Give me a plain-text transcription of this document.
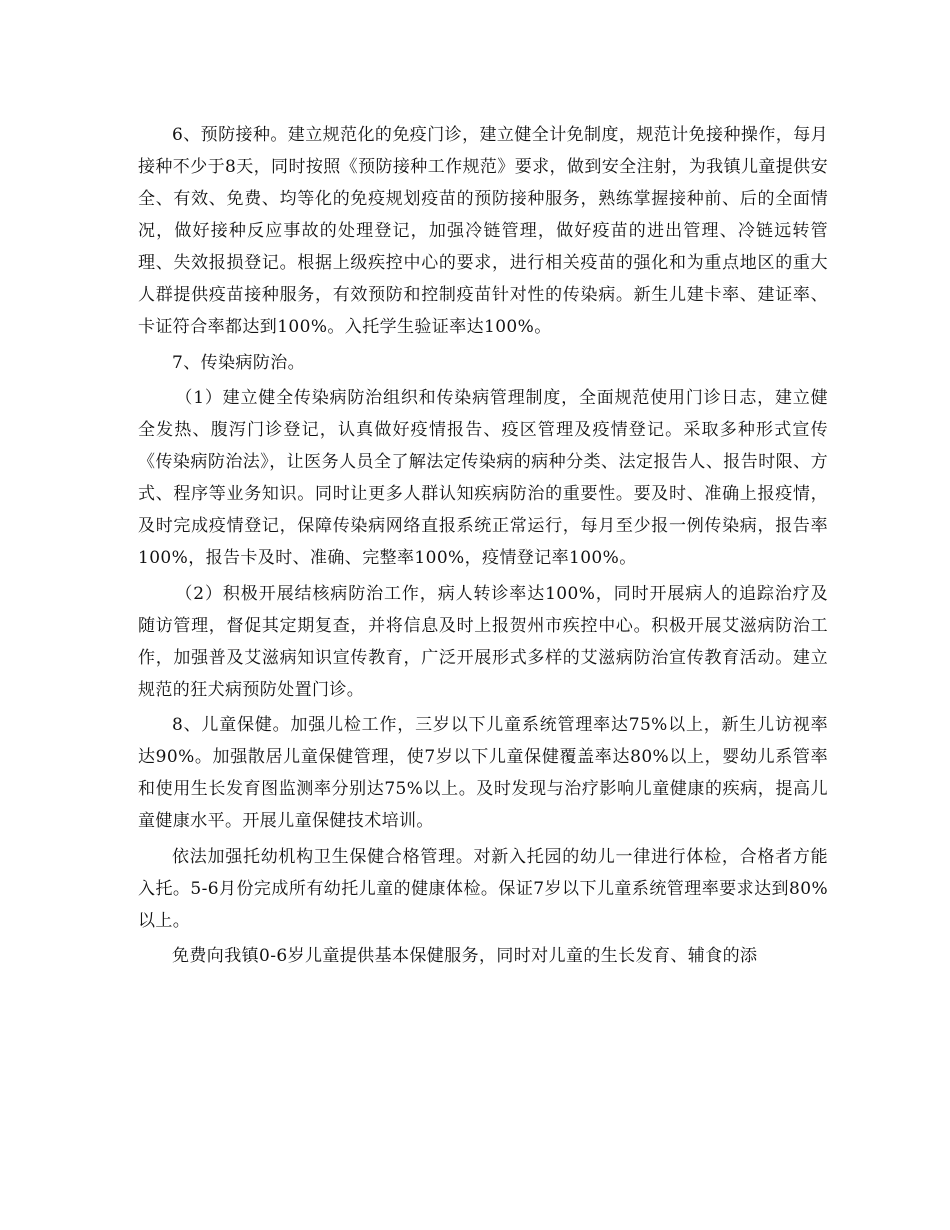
6、预防接种。建立规范化的免疫门诊，建立健全计免制度，规范计免接种操作，每月接种不少于8天，同时按照《预防接种工作规范》要求，做到安全注射，为我镇儿童提供安全、有效、免费、均等化的免疫规划疫苗的预防接种服务，熟练掌握接种前、后的全面情况，做好接种反应事故的处理登记，加强冷链管理，做好疫苗的进出管理、冷链远转管理、失效报损登记。根据上级疾控中心的要求，进行相关疫苗的强化和为重点地区的重大人群提供疫苗接种服务，有效预防和控制疫苗针对性的传染病。新生儿建卡率、建证率、卡证符合率都达到100%。入托学生验证率达100%。

7、传染病防治。

（1）建立健全传染病防治组织和传染病管理制度，全面规范使用门诊日志，建立健全发热、腹泻门诊登记，认真做好疫情报告、疫区管理及疫情登记。采取多种形式宣传《传染病防治法》，让医务人员全了解法定传染病的病种分类、法定报告人、报告时限、方式、程序等业务知识。同时让更多人群认知疾病防治的重要性。要及时、准确上报疫情，及时完成疫情登记，保障传染病网络直报系统正常运行，每月至少报一例传染病，报告率100%，报告卡及时、准确、完整率100%，疫情登记率100%。

（2）积极开展结核病防治工作，病人转诊率达100%，同时开展病人的追踪治疗及随访管理，督促其定期复查，并将信息及时上报贺州市疾控中心。积极开展艾滋病防治工作，加强普及艾滋病知识宣传教育，广泛开展形式多样的艾滋病防治宣传教育活动。建立规范的狂犬病预防处置门诊。

8、儿童保健。加强儿检工作，三岁以下儿童系统管理率达75%以上，新生儿访视率达90%。加强散居儿童保健管理，使7岁以下儿童保健覆盖率达80%以上，婴幼儿系管率和使用生长发育图监测率分别达75%以上。及时发现与治疗影响儿童健康的疾病，提高儿童健康水平。开展儿童保健技术培训。

依法加强托幼机构卫生保健合格管理。对新入托园的幼儿一律进行体检，合格者方能入托。5-6月份完成所有幼托儿童的健康体检。保证7岁以下儿童系统管理率要求达到80%以上。

免费向我镇0-6岁儿童提供基本保健服务，同时对儿童的生长发育、辅食的添
